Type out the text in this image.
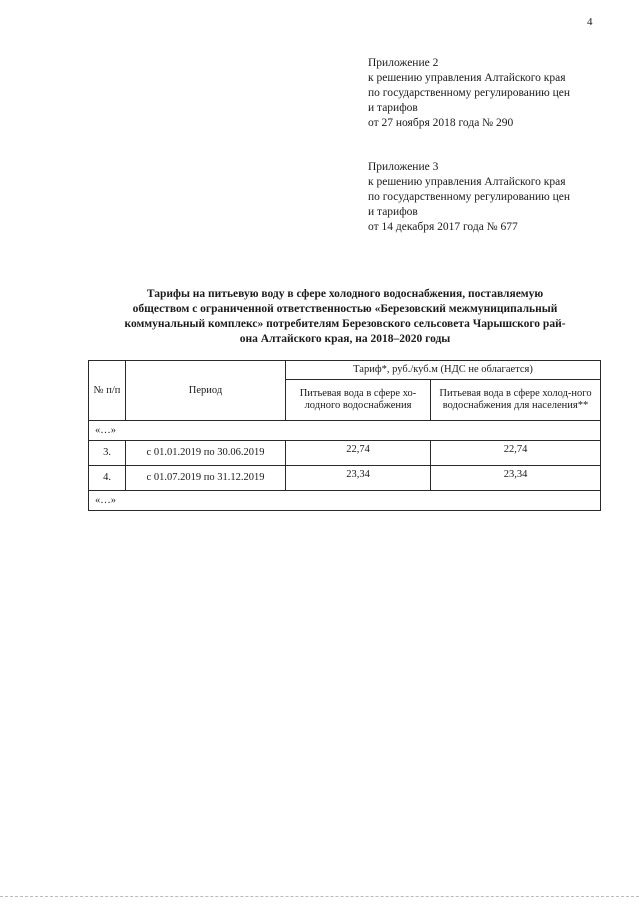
4
Приложение 2
к решению управления Алтайского края
по государственному регулированию цен
и тарифов
от 27 ноября 2018 года № 290
Приложение 3
к решению управления Алтайского края
по государственному регулированию цен
и тарифов
от 14 декабря 2017 года № 677
Тарифы на питьевую воду в сфере холодного водоснабжения, поставляемую
обществом с ограниченной ответственностью «Березовский межмуниципальный
коммунальный комплекс» потребителям Березовского сельсовета Чарышского рай-
она Алтайского края, на 2018–2020 годы
№ п/п	Период	Тариф*, руб./куб.м (НДС не облагается)	
		Питьевая вода в сфере хо-лодного водоснабжения	Питьевая вода в сфере холод-ного водоснабжения для населения**
«…»			
3.	с 01.01.2019 по 30.06.2019	22,74	22,74
4.	с 01.07.2019 по 31.12.2019	23,34	23,34
«…»			
